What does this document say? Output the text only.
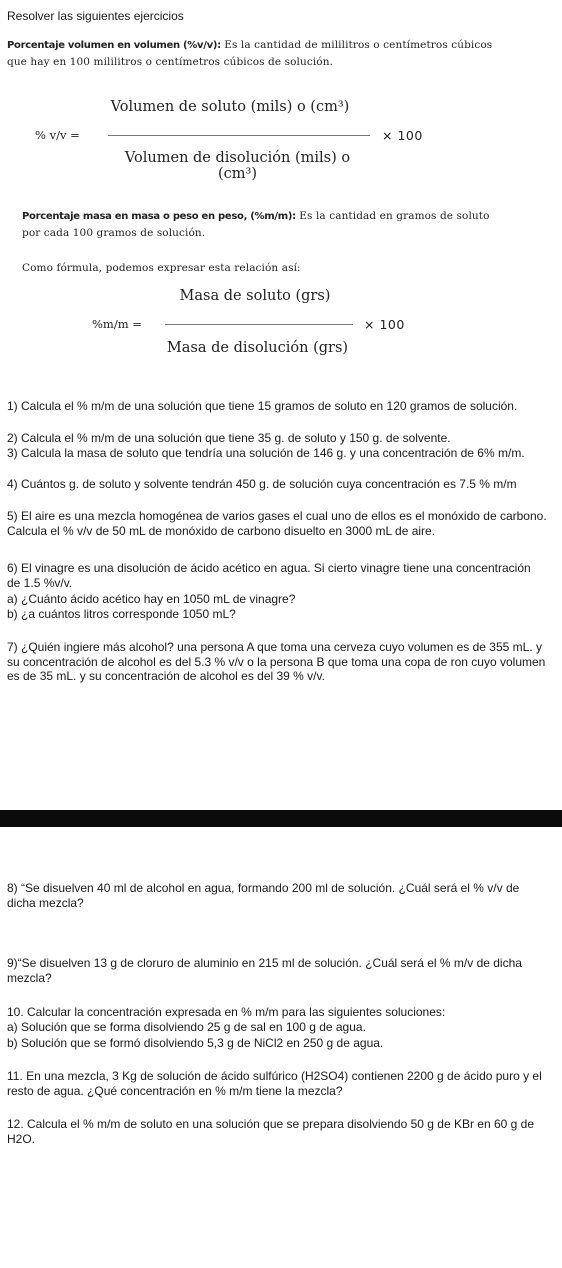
Resolver las siguientes ejercicios
Porcentaje volumen en volumen (%v/v): Es la cantidad de mililitros o centímetros cúbicos
que hay en 100 mililitros o centímetros cúbicos de solución.
% v/v =
Volumen de soluto (mils) o (cm³)
Volumen de disolución (mils) o (cm³)
× 100
Porcentaje masa en masa o peso en peso, (%m/m): Es la cantidad en gramos de soluto
por cada 100 gramos de solución.
Como fórmula, podemos expresar esta relación así:
%m/m =
Masa de soluto (grs)
Masa de disolución (grs)
× 100
1) Calcula el % m/m de una solución que tiene 15 gramos de soluto en 120 gramos de solución.
2) Calcula el % m/m de una solución que tiene 35 g. de soluto y 150 g. de solvente.
3) Calcula la masa de soluto que tendría una solución de 146 g. y una concentración de 6% m/m.
4) Cuántos g. de soluto y solvente tendrán 450 g. de solución cuya concentración es 7.5 % m/m
5) El aire es una mezcla homogénea de varios gases el cual uno de ellos es el monóxido de carbono. Calcula el % v/v de 50 mL de monóxido de carbono disuelto en 3000 mL de aire.
6) El vinagre es una disolución de ácido acético en agua. Si cierto vinagre tiene una concentración de 1.5 %v/v.
a) ¿Cuánto ácido acético hay en 1050 mL de vinagre?
b) ¿a cuántos litros corresponde 1050 mL?
7) ¿Quién ingiere más alcohol? una persona A que toma una cerveza cuyo volumen es de 355 mL. y su concentración de alcohol es del 5.3 % v/v o la persona B que toma una copa de ron cuyo volumen es de 35 mL. y su concentración de alcohol es del 39 % v/v.
8) “Se disuelven 40 ml de alcohol en agua, formando 200 ml de solución. ¿Cuál será el % v/v de dicha mezcla?
9)“Se disuelven 13 g de cloruro de aluminio en 215 ml de solución. ¿Cuál será el % m/v de dicha mezcla?
10. Calcular la concentración expresada en % m/m para las siguientes soluciones:
a) Solución que se forma disolviendo 25 g de sal en 100 g de agua.
b) Solución que se formó disolviendo 5,3 g de NiCl2 en 250 g de agua.
11. En una mezcla, 3 Kg de solución de ácido sulfúrico (H2SO4) contienen 2200 g de ácido puro y el resto de agua. ¿Qué concentración en % m/m tiene la mezcla?
12. Calcula el % m/m de soluto en una solución que se prepara disolviendo 50 g de KBr en 60 g de H2O.
